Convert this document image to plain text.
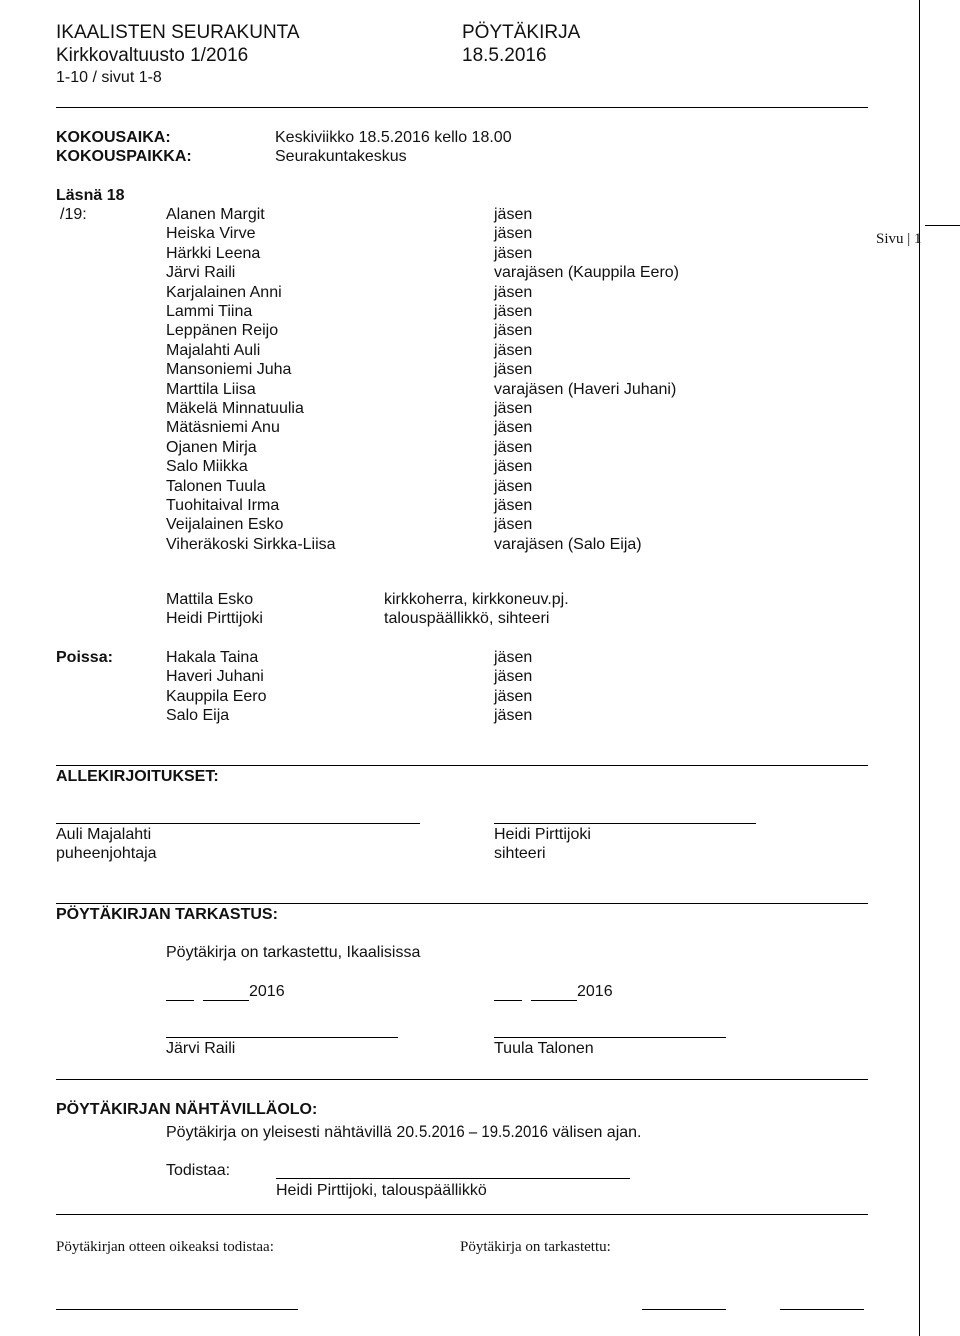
IKAALISTEN SEURAKUNTA	PÖYTÄKIRJA
Kirkkovaltuusto 1/2016	18.5.2016
1-10 / sivut 1-8
Sivu | 1
KOKOUSAIKA:	Keskiviikko 18.5.2016 kello 18.00
KOKOUSPAIKKA:	Seurakuntakeskus
Läsnä 18
/19:	Alanen Margit	jäsen
Heiska Virve	jäsen
Härkki Leena	jäsen
Järvi Raili	varajäsen (Kauppila Eero)
Karjalainen Anni	jäsen
Lammi Tiina	jäsen
Leppänen Reijo	jäsen
Majalahti Auli	jäsen
Mansoniemi Juha	jäsen
Marttila Liisa	varajäsen (Haveri Juhani)
Mäkelä Minnatuulia	jäsen
Mätäsniemi Anu	jäsen
Ojanen Mirja	jäsen
Salo Miikka	jäsen
Talonen Tuula	jäsen
Tuohitaival Irma	jäsen
Veijalainen Esko	jäsen
Viheräkoski Sirkka-Liisa	varajäsen (Salo Eija)
Mattila Esko	kirkkoherra, kirkkoneuv.pj.
Heidi Pirttijoki	talouspäällikkö, sihteeri
Poissa:	Hakala Taina	jäsen
Haveri Juhani	jäsen
Kauppila Eero	jäsen
Salo Eija	jäsen
ALLEKIRJOITUKSET:
Auli Majalahti
puheenjohtaja
Heidi Pirttijoki
sihteeri
PÖYTÄKIRJAN TARKASTUS:
Pöytäkirja on tarkastettu, Ikaalisissa
2016	2016
Järvi Raili	Tuula Talonen
PÖYTÄKIRJAN NÄHTÄVILLÄOLO:
Pöytäkirja on yleisesti nähtävillä 20.5.2016 – 19.5.2016 välisen ajan.
Todistaa:
Heidi Pirttijoki, talouspäällikkö
Pöytäkirjan otteen oikeaksi todistaa:	Pöytäkirja on tarkastettu:
